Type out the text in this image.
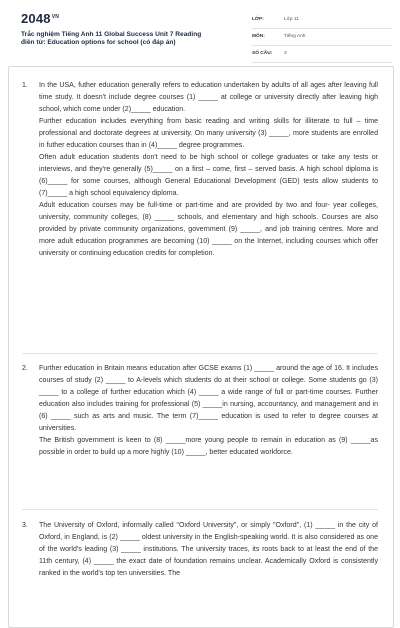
$2048^{VN}$
Trắc nghiệm Tiếng Anh 11 Global Success Unit 7 Reading
điền từ: Education options for school (có đáp án)
LỚP:	Lớp 11
MÔN:	Tiếng Anh
SỐ CÂU: 3
1. In the USA, futher education generally refers to education undertaken by adults of all ages after leaving full time study. It doesn't include degree courses (1) _____ at college or university directly after leaving high school, which come under (2)_____ education.

Further education includes everything from basic reading and writing skills for illiterate to full – time professional and doctorate degrees at university. On many university (3) _____, more students are enrolled in futher education courses than in (4)_____ degree programmes.

Often adult education students don't need to be high school or college graduates or take any tests or interviews, and they're generally (5)_____ on a first – come, first – served basis. A high school diploma is (6)_____ for some courses, although General Educational Development (GED) tests allow students to (7)_____ a high school equivalency diploma.

Adult education courses may be full-time or part-time and are provided by two and four- year colleges, university, community colleges, (8) _____ schools, and elementary and high schools. Courses are also provided by private community organizations, government (9) _____, and job training centres. More and more adult education programmes are becoming (10) _____ on the Internet, including courses which offer university or continuing education credits for completion.

2. Further education in Britain means education after GCSE exams (1) _____ around the age of 16. It includes courses of study (2) _____ to A-levels which students do at their school or college. Some students go (3) _____ to a college of further education which (4) _____ a wide range of full or part-time courses. Further education also includes training for professional (5) _____in nursing, accountancy, and management and in (6) _____ such as arts and music. The term (7)_____ education is used to refer to degree courses at universities.

The British government is keen to (8) _____more young people to remain in education as (9) _____as possible in order to build up a more highly (10) _____, better educated workforce.

3. The University of Oxford, informally called "Oxford University", or simply "Oxford", (1) _____ in the city of Oxford, in England, is (2) _____ oldest university in the English-speaking world. It is also considered as one of the world's leading (3) _____ institutions. The university traces, its roots back to at least the end of the 11th century, (4) _____ the exact date of foundation remains unclear. Academically Oxford is consistently ranked in the world's top ten universities. The
